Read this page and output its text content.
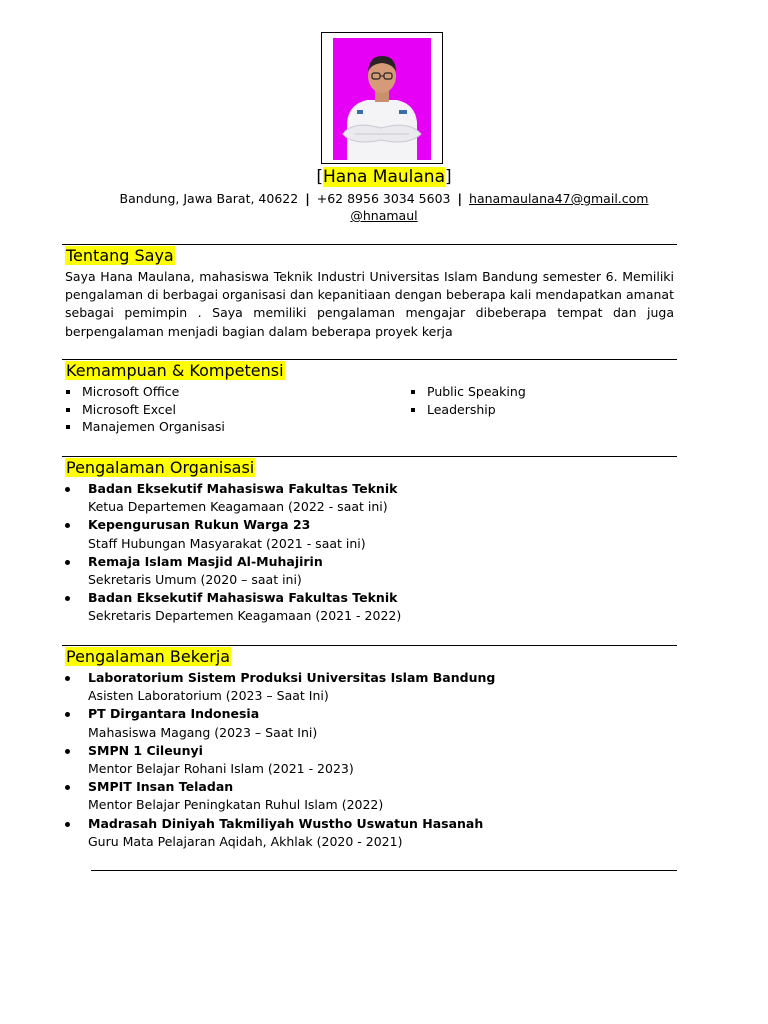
[Hana Maulana]
Bandung, Jawa Barat, 40622 | +62 8956 3034 5603 | hanamaulana47@gmail.com
@hnamaul
Tentang Saya

Saya Hana Maulana, mahasiswa Teknik Industri Universitas Islam Bandung semester 6. Memiliki pengalaman di berbagai organisasi dan kepanitiaan dengan beberapa kali mendapatkan amanat sebagai pemimpin . Saya memiliki pengalaman mengajar dibeberapa tempat dan juga berpengalaman menjadi bagian dalam beberapa proyek kerja

Kemampuan & Kompetensi
Microsoft Office
Microsoft Excel
Manajemen Organisasi
Public Speaking
Leadership
Pengalaman Organisasi
Badan Eksekutif Mahasiswa Fakultas Teknik
Ketua Departemen Keagamaan (2022 - saat ini)
Kepengurusan Rukun Warga 23
Staff Hubungan Masyarakat (2021 - saat ini)
Remaja Islam Masjid Al-Muhajirin
Sekretaris Umum (2020 – saat ini)
Badan Eksekutif Mahasiswa Fakultas Teknik
Sekretaris Departemen Keagamaan (2021 - 2022)
Pengalaman Bekerja
Laboratorium Sistem Produksi Universitas Islam Bandung
Asisten Laboratorium (2023 – Saat Ini)
PT Dirgantara Indonesia
Mahasiswa Magang (2023 – Saat Ini)
SMPN 1 Cileunyi
Mentor Belajar Rohani Islam (2021 - 2023)
SMPIT Insan Teladan
Mentor Belajar Peningkatan Ruhul Islam (2022)
Madrasah Diniyah Takmiliyah Wustho Uswatun Hasanah
Guru Mata Pelajaran Aqidah, Akhlak (2020 - 2021)
